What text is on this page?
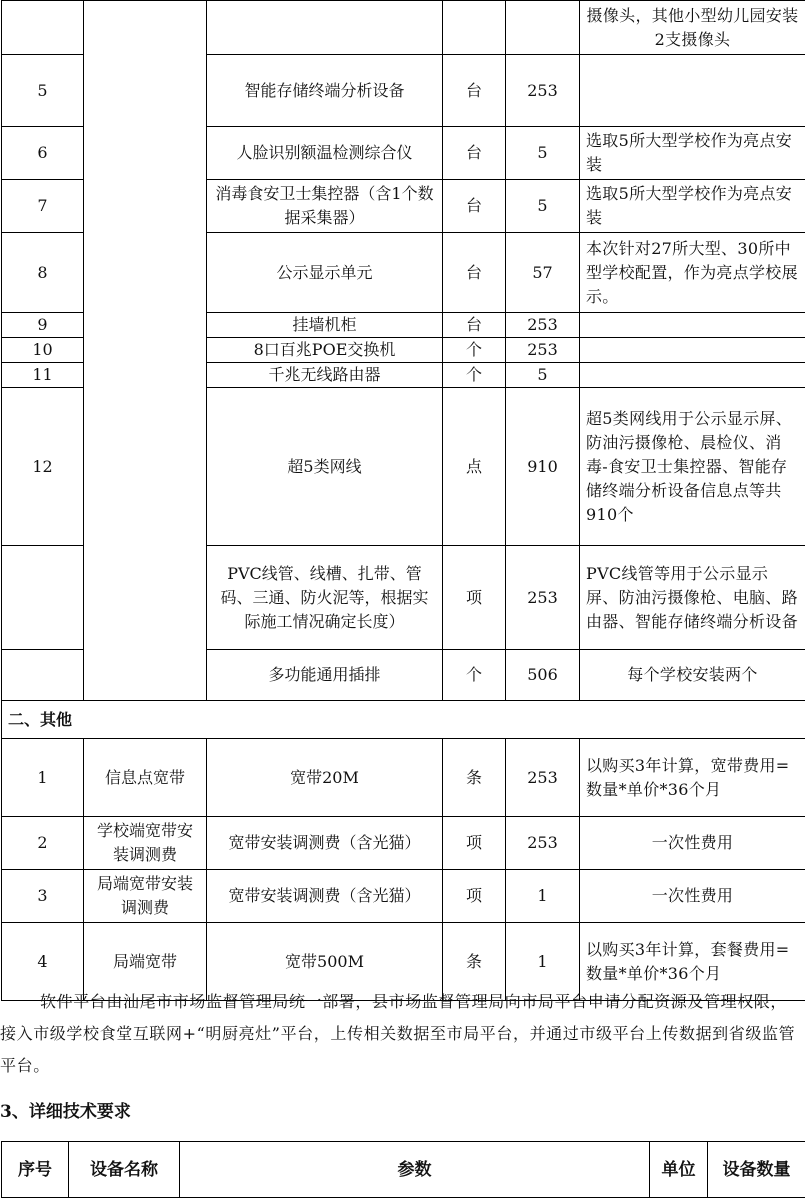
					摄像头，其他小型幼儿园安装2支摄像头
5		智能存储终端分析设备	台	253	
6		人脸识别额温检测综合仪	台	5	选取5所大型学校作为亮点安装
7		消毒食安卫士集控器（含1个数据采集器）	台	5	选取5所大型学校作为亮点安装
8		公示显示单元	台	57	本次针对27所大型、30所中型学校配置，作为亮点学校展示。
9		挂墙机柜	台	253	
10		8口百兆POE交换机	个	253	
11		千兆无线路由器	个	5	
12		超5类网线	点	910	超5类网线用于公示显示屏、防油污摄像枪、晨检仪、消毒-食安卫士集控器、智能存储终端分析设备信息点等共910个
		PVC线管、线槽、扎带、管码、三通、防火泥等，根据实际施工情况确定长度）	项	253	PVC线管等用于公示显示屏、防油污摄像枪、电脑、路由器、智能存储终端分析设备
		多功能通用插排	个	506	每个学校安装两个
二、其他					
1	信息点宽带	宽带20M	条	253	以购买3年计算，宽带费用=数量*单价*36个月
2	学校端宽带安装调测费	宽带安装调测费（含光猫）	项	253	一次性费用
3	局端宽带安装调测费	宽带安装调测费（含光猫）	项	1	一次性费用
4	局端宽带	宽带500M	条	1	以购买3年计算，套餐费用=数量*单价*36个月
软件平台由汕尾市市场监督管理局统一部署，县市场监督管理局向市局平台申请分配资源及管理权限，接入市级学校食堂互联网+“明厨亮灶”平台，上传相关数据至市局平台，并通过市级平台上传数据到省级监管平台。
3、详细技术要求
序号	设备名称	参数	单位	设备数量
